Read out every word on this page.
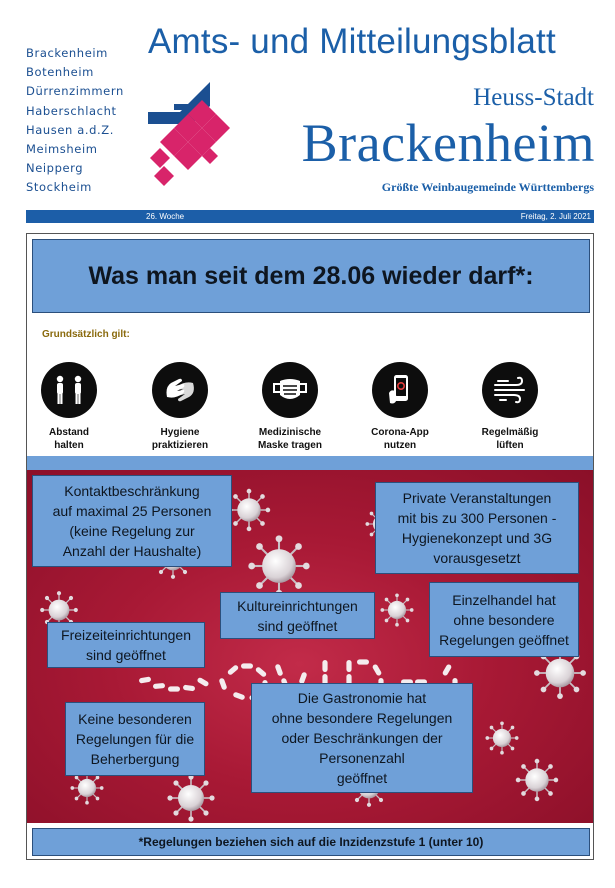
Brackenheim
Botenheim
Dürrenzimmern
Haberschlacht
Hausen a.d.Z.
Meimsheim
Neipperg
Stockheim
Amts- und Mitteilungsblatt
Heuss-Stadt
Brackenheim
Größte Weinbaugemeinde Württembergs
26. Woche	Freitag, 2. Juli 2021
Was man seit dem 28.06 wieder darf*:
Grundsätzlich gilt:
Abstand
halten
Hygiene
praktizieren
Medizinische
Maske tragen
Corona-App
nutzen
Regelmäßig
lüften
Kontaktbeschränkung
auf maximal 25 Personen
(keine Regelung zur
Anzahl der Haushalte)
Private Veranstaltungen
mit bis zu 300 Personen -
Hygienekonzept und 3G
vorausgesetzt
Kultureinrichtungen
sind geöffnet
Einzelhandel hat
ohne besondere
Regelungen geöffnet
Freizeiteinrichtungen
sind geöffnet
Keine besonderen
Regelungen für die
Beherbergung
Die Gastronomie hat
ohne besondere Regelungen
oder Beschränkungen der
Personenzahl
geöffnet
*Regelungen beziehen sich auf die Inzidenzstufe 1 (unter 10)
